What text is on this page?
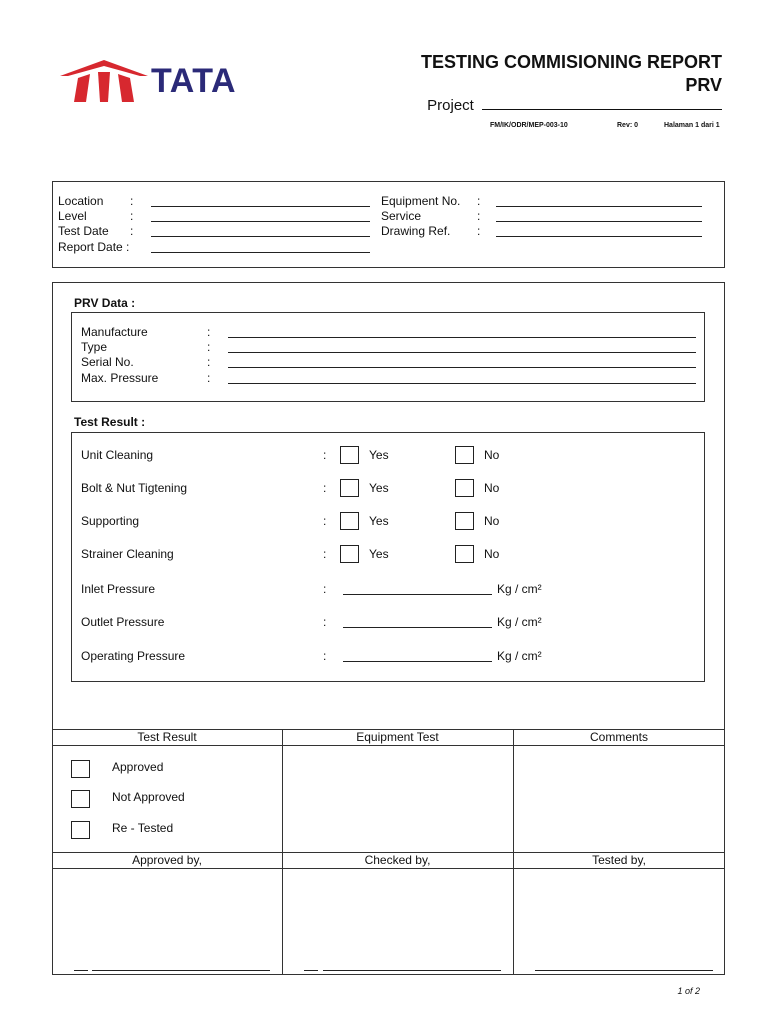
TATA	TESTING COMMISIONING REPORT
PRV
Project
FM/IK/ODR/MEP-003-10	Rev: 0	Halaman 1 dari 1
PRV Data :
Test Result :
Test Result	Equipment Test	Comments
Approved by,	Checked by,	Tested by,
1 of 2
Location :
Level	:
Test Date :
Report Date :
Equipment No. :
Service	:
Drawing Ref. :
Manufacture	:
Type	:
Serial No.	:
Max. Pressure	:
Unit Cleaning	:	Yes	No
Bolt & Nut Tigtening	:	Yes	No
Supporting	:	Yes	No
Strainer Cleaning	:	Yes	No
Inlet Pressure	:	Kg / cm²
Outlet Pressure	:	Kg / cm²
Operating Pressure	:	Kg / cm²
Approved
Not Approved
Re - Tested
